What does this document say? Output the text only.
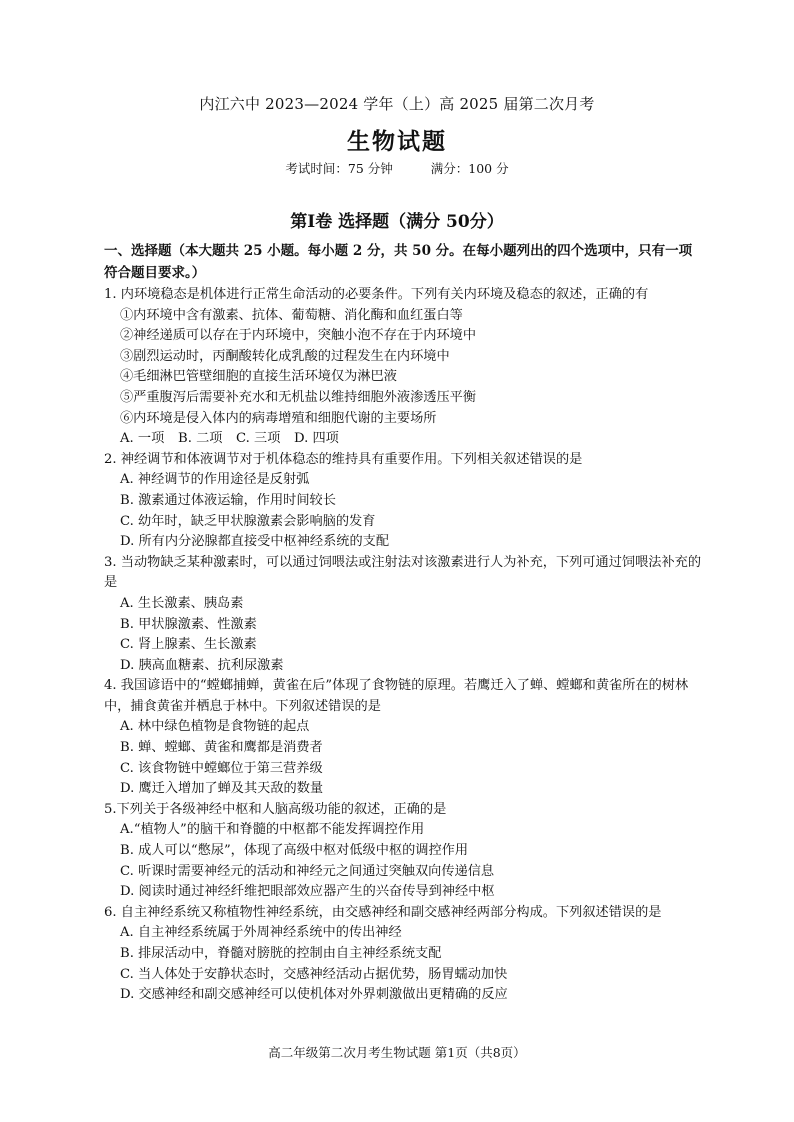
内江六中 2023—2024 学年（上）高 2025 届第二次月考
生物试题
考试时间：75 分钟	满分：100 分
第Ⅰ卷 选择题（满分 50分）
一、选择题（本大题共 25 小题。每小题 2 分，共 50 分。在每小题列出的四个选项中，只有一项符合题目要求。）

1. 内环境稳态是机体进行正常生命活动的必要条件。下列有关内环境及稳态的叙述，正确的有

①内环境中含有激素、抗体、葡萄糖、消化酶和血红蛋白等

②神经递质可以存在于内环境中，突触小泡不存在于内环境中

③剧烈运动时，丙酮酸转化成乳酸的过程发生在内环境中

④毛细淋巴管壁细胞的直接生活环境仅为淋巴液

⑤严重腹泻后需要补充水和无机盐以维持细胞外液渗透压平衡

⑥内环境是侵入体内的病毒增殖和细胞代谢的主要场所

A. 一项 B. 二项 C. 三项 D. 四项

2. 神经调节和体液调节对于机体稳态的维持具有重要作用。下列相关叙述错误的是

A. 神经调节的作用途径是反射弧

B. 激素通过体液运输，作用时间较长

C. 幼年时，缺乏甲状腺激素会影响脑的发育

D. 所有内分泌腺都直接受中枢神经系统的支配

3. 当动物缺乏某种激素时，可以通过饲喂法或注射法对该激素进行人为补充，下列可通过饲喂法补充的是

A. 生长激素、胰岛素

B. 甲状腺激素、性激素

C. 肾上腺素、生长激素

D. 胰高血糖素、抗利尿激素

4. 我国谚语中的“螳螂捕蝉，黄雀在后”体现了食物链的原理。若鹰迁入了蝉、螳螂和黄雀所在的树林中，捕食黄雀并栖息于林中。下列叙述错误的是

A. 林中绿色植物是食物链的起点

B. 蝉、螳螂、黄雀和鹰都是消费者

C. 该食物链中螳螂位于第三营养级

D. 鹰迁入增加了蝉及其天敌的数量

5.下列关于各级神经中枢和人脑高级功能的叙述，正确的是

A.“植物人”的脑干和脊髓的中枢都不能发挥调控作用

B. 成人可以“憋尿”，体现了高级中枢对低级中枢的调控作用

C. 听课时需要神经元的活动和神经元之间通过突触双向传递信息

D. 阅读时通过神经纤维把眼部效应器产生的兴奋传导到神经中枢

6. 自主神经系统又称植物性神经系统，由交感神经和副交感神经两部分构成。下列叙述错误的是

A. 自主神经系统属于外周神经系统中的传出神经

B. 排尿活动中，脊髓对膀胱的控制由自主神经系统支配

C. 当人体处于安静状态时，交感神经活动占据优势，肠胃蠕动加快

D. 交感神经和副交感神经可以使机体对外界刺激做出更精确的反应

高二年级第二次月考生物试题 第1页（共8页）
